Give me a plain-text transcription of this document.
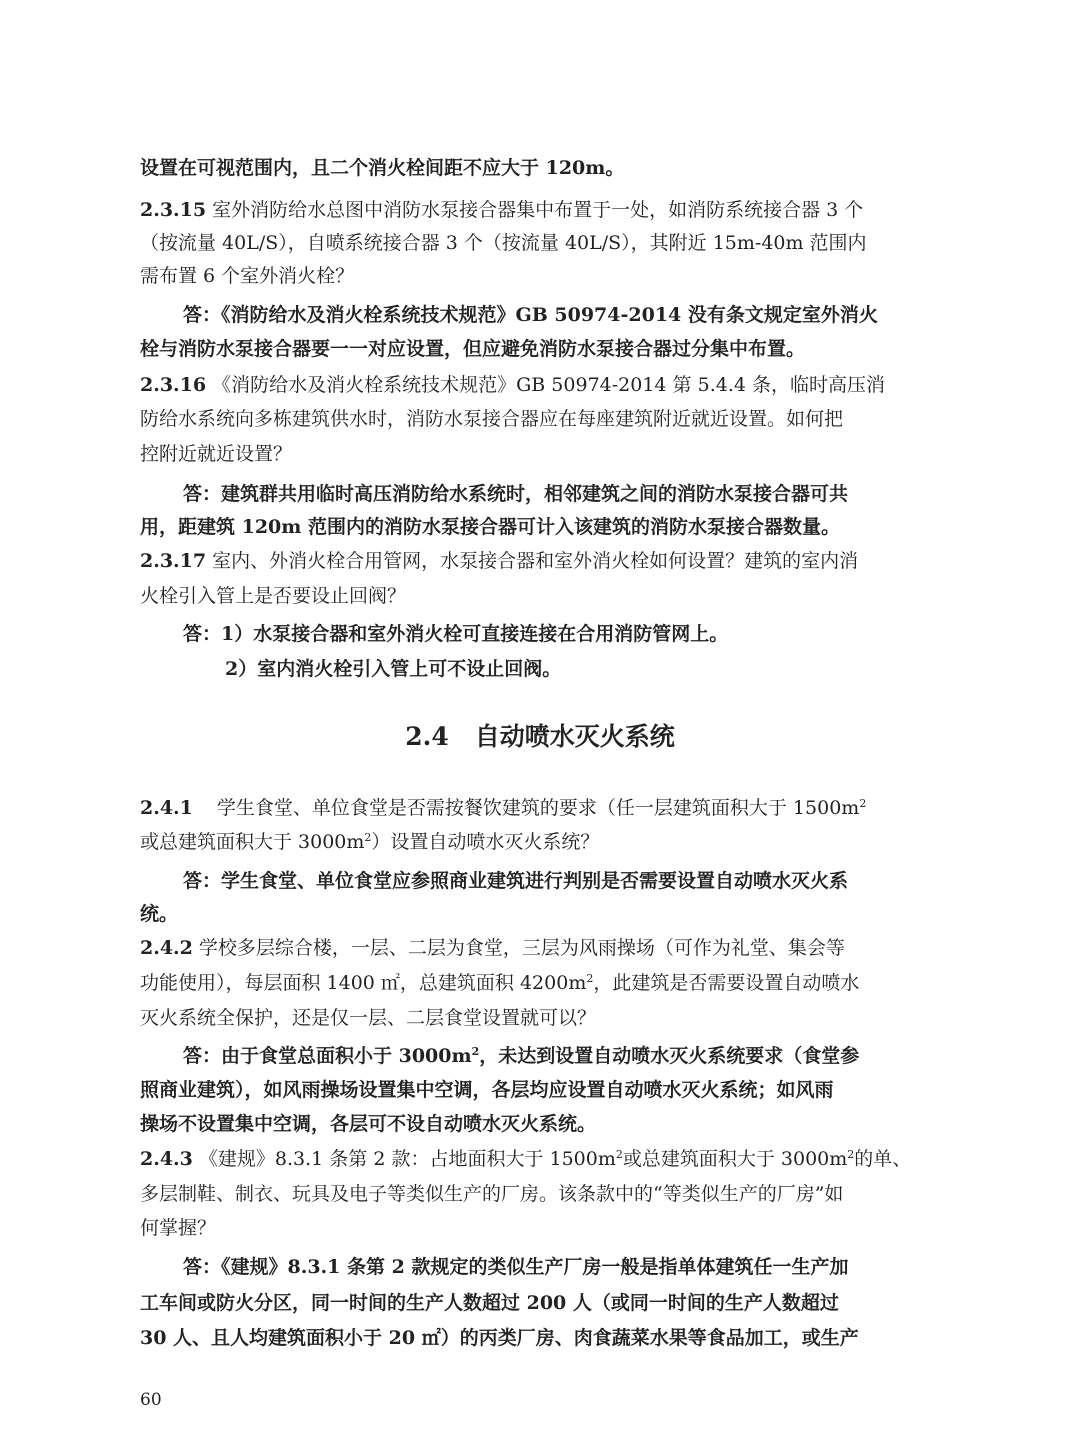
设置在可视范围内，且二个消火栓间距不应大于 120m。
2.3.15 室外消防给水总图中消防水泵接合器集中布置于一处，如消防系统接合器 3 个
（按流量 40L/S），自喷系统接合器 3 个（按流量 40L/S），其附近 15m-40m 范围内
需布置 6 个室外消火栓？
答：《消防给水及消火栓系统技术规范》GB 50974-2014 没有条文规定室外消火
栓与消防水泵接合器要一一对应设置，但应避免消防水泵接合器过分集中布置。
2.3.16 《消防给水及消火栓系统技术规范》GB 50974-2014 第 5.4.4 条，临时高压消
防给水系统向多栋建筑供水时，消防水泵接合器应在每座建筑附近就近设置。如何把
控附近就近设置？
答：建筑群共用临时高压消防给水系统时，相邻建筑之间的消防水泵接合器可共
用，距建筑 120m 范围内的消防水泵接合器可计入该建筑的消防水泵接合器数量。
2.3.17 室内、外消火栓合用管网，水泵接合器和室外消火栓如何设置？建筑的室内消
火栓引入管上是否要设止回阀？
答：1）水泵接合器和室外消火栓可直接连接在合用消防管网上。
2）室内消火栓引入管上可不设止回阀。
2.4 自动喷水灭火系统
2.4.1 学生食堂、单位食堂是否需按餐饮建筑的要求（任一层建筑面积大于 $1500m^2$
或总建筑面积大于 $3000m^2$）设置自动喷水灭火系统？
答：学生食堂、单位食堂应参照商业建筑进行判别是否需要设置自动喷水灭火系
统。
2.4.2 学校多层综合楼，一层、二层为食堂，三层为风雨操场（可作为礼堂、集会等
功能使用），每层面积 1400 ㎡，总建筑面积 $4200m^2$，此建筑是否需要设置自动喷水
灭火系统全保护，还是仅一层、二层食堂设置就可以？
答：由于食堂总面积小于 $3000m^2$，未达到设置自动喷水灭火系统要求（食堂参
照商业建筑），如风雨操场设置集中空调，各层均应设置自动喷水灭火系统；如风雨
操场不设置集中空调，各层可不设自动喷水灭火系统。
2.4.3 《建规》8.3.1 条第 2 款：占地面积大于 $1500m^2$或总建筑面积大于 $3000m^2$的单、
多层制鞋、制衣、玩具及电子等类似生产的厂房。该条款中的“等类似生产的厂房”如
何掌握？
答：《建规》8.3.1 条第 2 款规定的类似生产厂房一般是指单体建筑任一生产加
工车间或防火分区，同一时间的生产人数超过 200 人（或同一时间的生产人数超过
30 人、且人均建筑面积小于 20 ㎡）的丙类厂房、肉食蔬菜水果等食品加工，或生产
60
